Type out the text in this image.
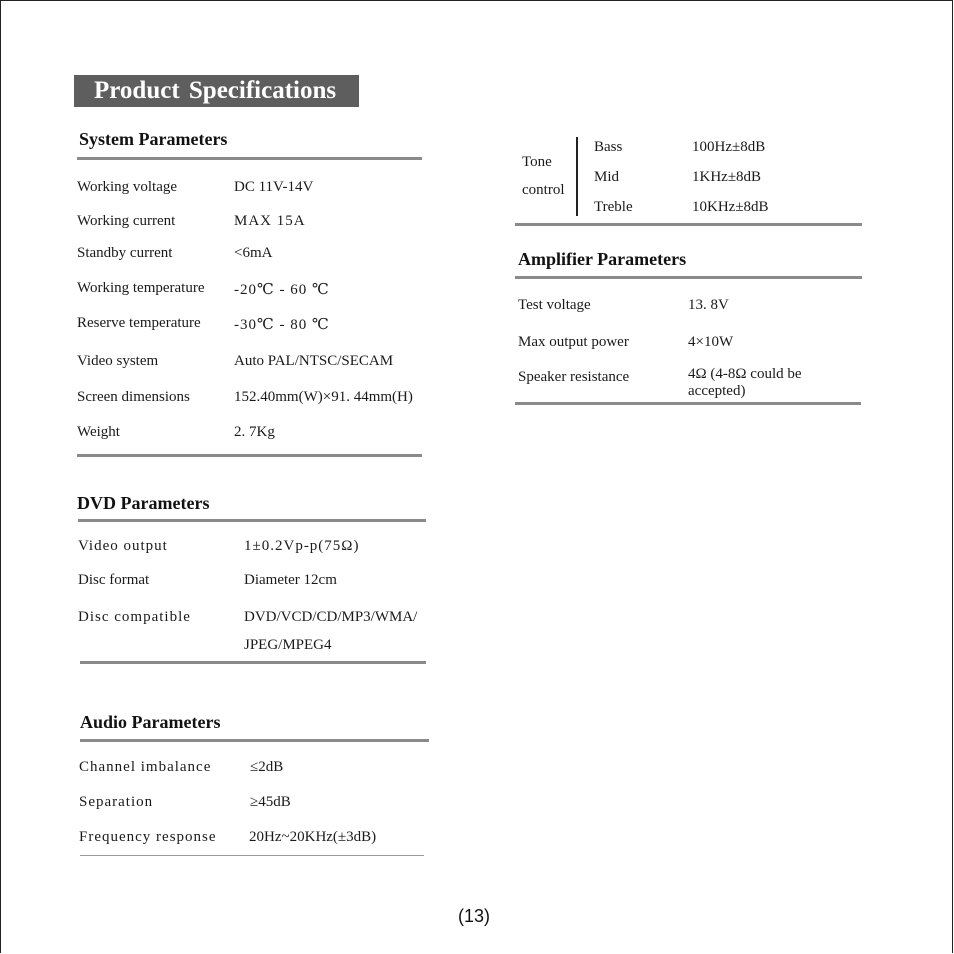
Product Specifications
System Parameters
Working voltage	DC 11V-14V
Working current	MAX 15A
Standby current	<6mA
Working temperature -20℃ - 60 ℃
Reserve temperature -30℃ - 80 ℃
Video system	Auto PAL/NTSC/SECAM
Screen dimensions	152.40mm(W)×91. 44mm(H)
Weight	2. 7Kg
DVD Parameters
Video output	1±0.2Vp-p(75Ω)
Disc format	Diameter 12cm
Disc compatible	DVD/VCD/CD/MP3/WMA/
JPEG/MPEG4
Audio Parameters
Channel imbalance	≤2dB
Separation	≥45dB
Frequency response 20Hz~20KHz(±3dB)
Tone
control
Bass	100Hz±8dB
Mid	1KHz±8dB
Treble	10KHz±8dB
Amplifier Parameters
Test voltage	13. 8V
Max output power	4×10W
Speaker resistance	4Ω (4-8Ω could be
accepted)
(13)
